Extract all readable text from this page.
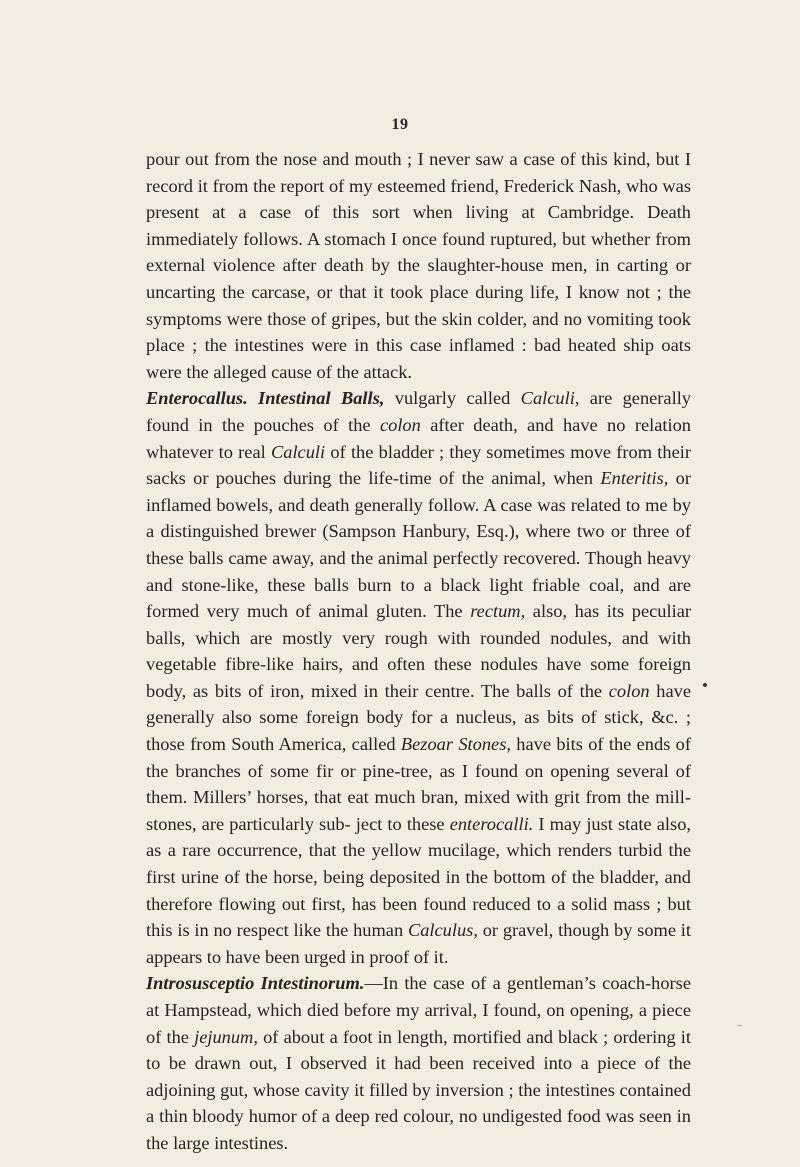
19

pour out from the nose and mouth ; I never saw a case of this kind, but I record it from the report of my esteemed friend, Frederick Nash, who was present at a case of this sort when living at Cambridge. Death immediately follows. A stomach I once found ruptured, but whether from external violence after death by the slaughter-house men, in carting or uncarting the carcase, or that it took place during life, I know not ; the symptoms were those of gripes, but the skin colder, and no vomiting took place ; the intestines were in this case inflamed : bad heated ship oats were the alleged cause of the attack.

Enterocallus. Intestinal Balls, vulgarly called Calculi, are generally found in the pouches of the colon after death, and have no relation whatever to real Calculi of the bladder ; they sometimes move from their sacks or pouches during the life-time of the animal, when Enteritis, or inflamed bowels, and death generally follow. A case was related to me by a distinguished brewer (Sampson Hanbury, Esq.), where two or three of these balls came away, and the animal perfectly recovered. Though heavy and stone-like, these balls burn to a black light friable coal, and are formed very much of animal gluten. The rectum, also, has its peculiar balls, which are mostly very rough with rounded nodules, and with vegetable fibre-like hairs, and often these nodules have some foreign body, as bits of iron, mixed in their centre. The balls of the colon have generally also some foreign body for a nucleus, as bits of stick, &c. ; those from South America, called Bezoar Stones, have bits of the ends of the branches of some fir or pine-tree, as I found on opening several of them. Millers’ horses, that eat much bran, mixed with grit from the mill-stones, are particularly sub- ject to these enterocalli. I may just state also, as a rare occurrence, that the yellow mucilage, which renders turbid the first urine of the horse, being deposited in the bottom of the bladder, and therefore flowing out first, has been found reduced to a solid mass ; but this is in no respect like the human Calculus, or gravel, though by some it appears to have been urged in proof of it.

Introsusceptio Intestinorum.—In the case of a gentleman’s coach-horse at Hampstead, which died before my arrival, I found, on opening, a piece of the jejunum, of about a foot in length, mortified and black ; ordering it to be drawn out, I observed it had been received into a piece of the adjoining gut, whose cavity it filled by inversion ; the intestines contained a thin bloody humor of a deep red colour, no undigested food was seen in the large intestines.
